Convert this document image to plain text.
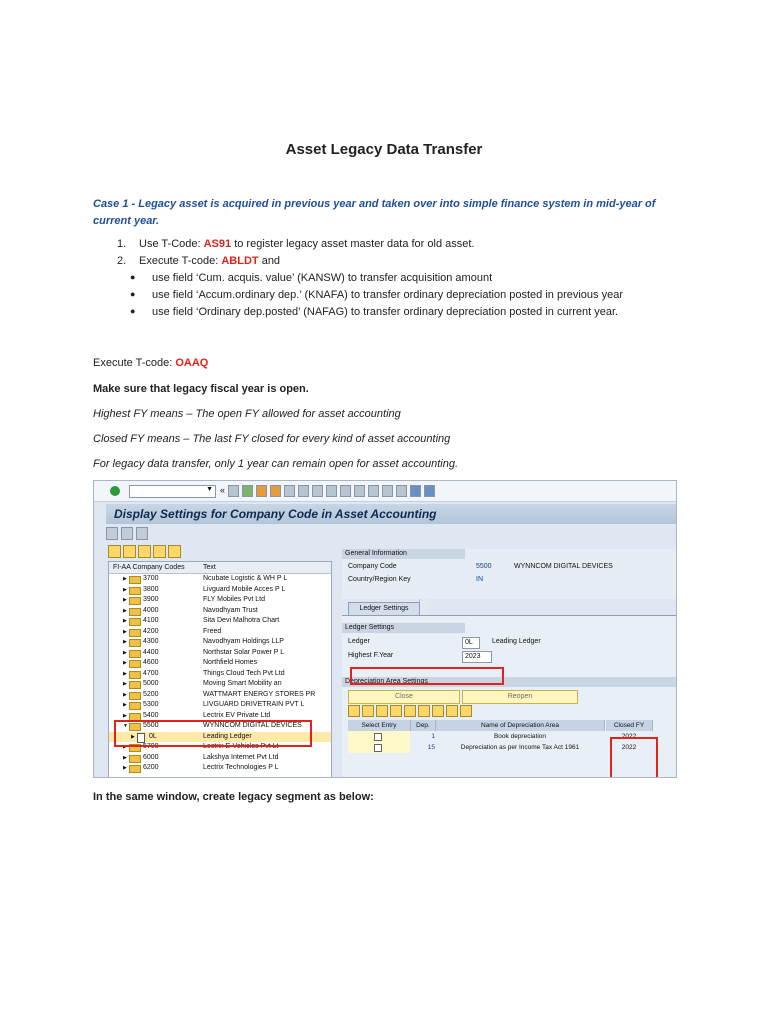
Asset Legacy Data Transfer
Case 1 - Legacy asset is acquired in previous year and taken over into simple finance system in mid-year of current year.
1. Use T-Code: AS91 to register legacy asset master data for old asset.
2. Execute T-code: ABLDT and
● use field ‘Cum. acquis. value’ (KANSW) to transfer acquisition amount
● use field ‘Accum.ordinary dep.’ (KNAFA) to transfer ordinary depreciation posted in previous year
● use field ‘Ordinary dep.posted’ (NAFAG) to transfer ordinary depreciation posted in current year.
Execute T-code: OAAQ
Make sure that legacy fiscal year is open.
Highest FY means – The open FY allowed for asset accounting
Closed FY means – The last FY closed for every kind of asset accounting
For legacy data transfer, only 1 year can remain open for asset accounting.
▼ «
Display Settings for Company Code in Asset Accounting
FI-AA Company Codes	Text
▶ 3700	Ncubate Logistic & WH P L
▶ 3800	Livguard Mobile Acces P L
▶ 3900	FLY Mobiles Pvt Ltd
▶ 4000	Navodhyam Trust
▶ 4100	Sita Devi Malhotra Chart
▶ 4200	Freed
▶ 4300	Navodhyam Holdings LLP
▶ 4400	Northstar Solar Power P L
▶ 4600	Northfield Homes
▶ 4700	Things Cloud Tech Pvt Ltd
▶ 5000	Moving Smart Mobility an
▶ 5200	WATTMART ENERGY STORES PR
▶ 5300	LIVGUARD DRIVETRAIN PVT L
▶ 5400	Lectrix EV Private Ltd
▼ 5500	WYNNCOM DIGITAL DEVICES
▶ 0L	Leading Ledger
▶ 5700	Lectrix E-Vehicles Pvt Lt
▶ 6000	Lakshya Internet Pvt Ltd
▶ 6200	Lectrix Technologies P L
General Information
Company Code	5500	WYNNCOM DIGITAL DEVICES
Country/Region Key	IN
Ledger Settings
Ledger Settings
Ledger	0L	Leading Ledger
Highest F.Year	2023
Depreciation Area Settings
Close	Reopen
Select Entry	Dep.	Name of Depreciation Area	Closed FY
1	Book depreciation	2022
15	Depreciation as per Income Tax Act 1961	2022
In the same window, create legacy segment as below:
